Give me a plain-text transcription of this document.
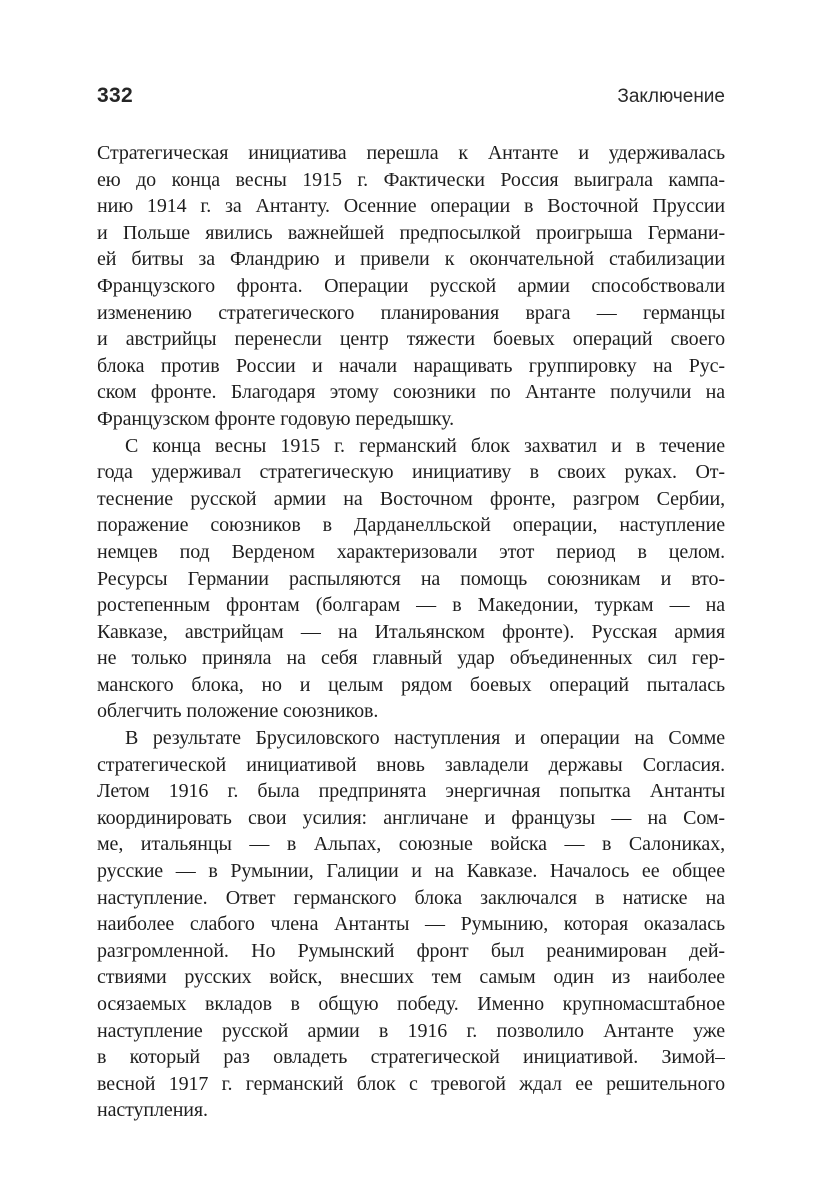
332	Заключение
Стратегическая инициатива перешла к Антанте и удерживалась
ею до конца весны 1915 г. Фактически Россия выиграла кампа-
нию 1914 г. за Антанту. Осенние операции в Восточной Пруссии
и Польше явились важнейшей предпосылкой проигрыша Германи-
ей битвы за Фландрию и привели к окончательной стабилизации
Французского фронта. Операции русской армии способствовали
изменению стратегического планирования врага — германцы
и австрийцы перенесли центр тяжести боевых операций своего
блока против России и начали наращивать группировку на Рус-
ском фронте. Благодаря этому союзники по Антанте получили на
Французском фронте годовую передышку.
С конца весны 1915 г. германский блок захватил и в течение
года удерживал стратегическую инициативу в своих руках. От-
теснение русской армии на Восточном фронте, разгром Сербии,
поражение союзников в Дарданелльской операции, наступление
немцев под Верденом характеризовали этот период в целом.
Ресурсы Германии распыляются на помощь союзникам и вто-
ростепенным фронтам (болгарам — в Македонии, туркам — на
Кавказе, австрийцам — на Итальянском фронте). Русская армия
не только приняла на себя главный удар объединенных сил гер-
манского блока, но и целым рядом боевых операций пыталась
облегчить положение союзников.
В результате Брусиловского наступления и операции на Сомме
стратегической инициативой вновь завладели державы Согласия.
Летом 1916 г. была предпринята энергичная попытка Антанты
координировать свои усилия: англичане и французы — на Сом-
ме, итальянцы — в Альпах, союзные войска — в Салониках,
русские — в Румынии, Галиции и на Кавказе. Началось ее общее
наступление. Ответ германского блока заключался в натиске на
наиболее слабого члена Антанты — Румынию, которая оказалась
разгромленной. Но Румынский фронт был реанимирован дей-
ствиями русских войск, внесших тем самым один из наиболее
осязаемых вкладов в общую победу. Именно крупномасштабное
наступление русской армии в 1916 г. позволило Антанте уже
в который раз овладеть стратегической инициативой. Зимой–
весной 1917 г. германский блок с тревогой ждал ее решительного
наступления.
